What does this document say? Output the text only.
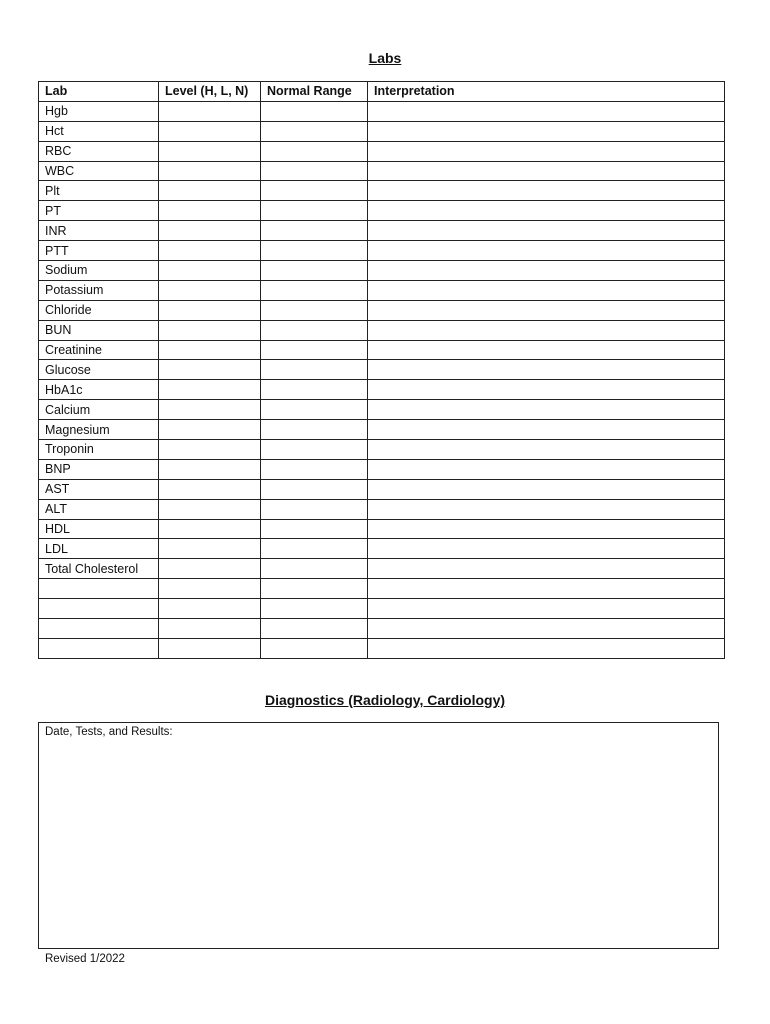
Labs
Lab	Level (H, L, N)	Normal Range	Interpretation
Hgb			
Hct			
RBC			
WBC			
Plt			
PT			
INR			
PTT			
Sodium			
Potassium			
Chloride			
BUN			
Creatinine			
Glucose			
HbA1c			
Calcium			
Magnesium			
Troponin			
BNP			
AST			
ALT			
HDL			
LDL			
Total Cholesterol			

Diagnostics (Radiology, Cardiology)
Date, Tests, and Results:
Revised 1/2022
